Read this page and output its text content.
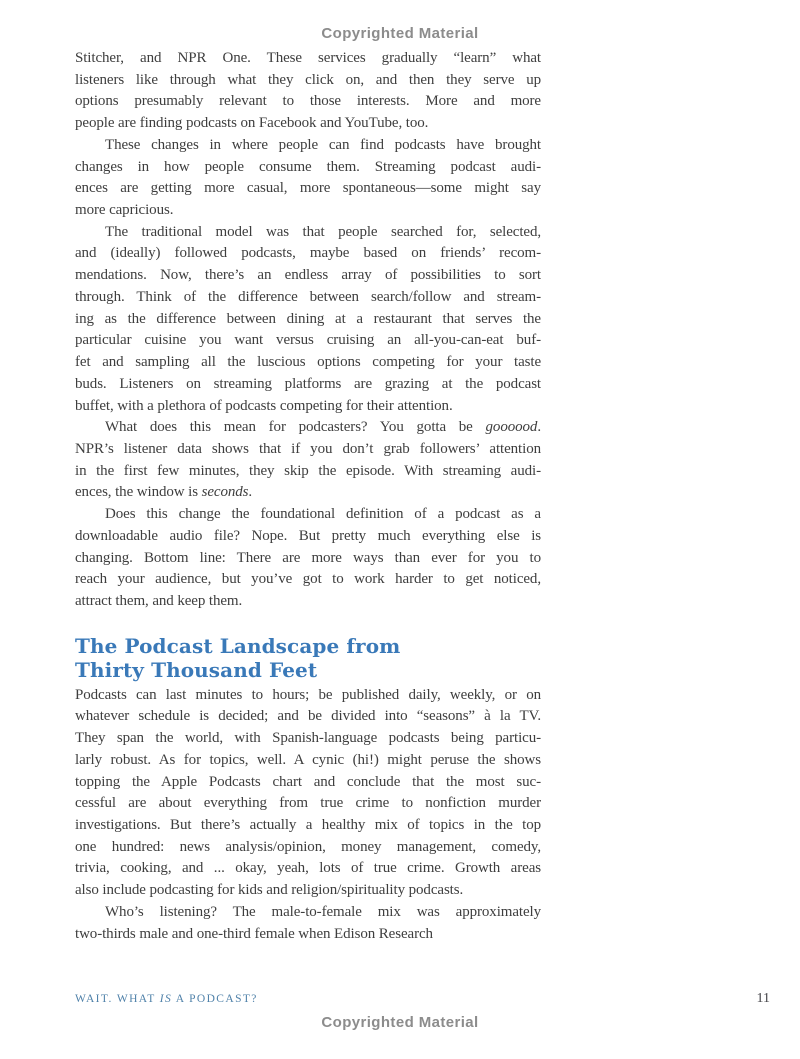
Copyrighted Material
Stitcher, and NPR One. These services gradually “learn” what
listeners like through what they click on, and then they serve up
options presumably relevant to those interests. More and more
people are finding podcasts on Facebook and YouTube, too.
These changes in where people can find podcasts have brought
changes in how people consume them. Streaming podcast audi-
ences are getting more casual, more spontaneous—some might say
more capricious.
The traditional model was that people searched for, selected,
and (ideally) followed podcasts, maybe based on friends’ recom-
mendations. Now, there’s an endless array of possibilities to sort
through. Think of the difference between search/follow and stream-
ing as the difference between dining at a restaurant that serves the
particular cuisine you want versus cruising an all-you-can-eat buf-
fet and sampling all the luscious options competing for your taste
buds. Listeners on streaming platforms are grazing at the podcast
buffet, with a plethora of podcasts competing for their attention.
What does this mean for podcasters? You gotta be goooood.
NPR’s listener data shows that if you don’t grab followers’ attention
in the first few minutes, they skip the episode. With streaming audi-
ences, the window is seconds.
Does this change the foundational definition of a podcast as a
downloadable audio file? Nope. But pretty much everything else is
changing. Bottom line: There are more ways than ever for you to
reach your audience, but you’ve got to work harder to get noticed,
attract them, and keep them.
The Podcast Landscape from
Thirty Thousand Feet
Podcasts can last minutes to hours; be published daily, weekly, or on
whatever schedule is decided; and be divided into “seasons” à la TV.
They span the world, with Spanish-language podcasts being particu-
larly robust. As for topics, well. A cynic (hi!) might peruse the shows
topping the Apple Podcasts chart and conclude that the most suc-
cessful are about everything from true crime to nonfiction murder
investigations. But there’s actually a healthy mix of topics in the top
one hundred: news analysis/opinion, money management, comedy,
trivia, cooking, and ... okay, yeah, lots of true crime. Growth areas
also include podcasting for kids and religion/spirituality podcasts.
Who’s listening? The male-to-female mix was approximately
two-thirds male and one-third female when Edison Research
WAIT. WHAT IS A PODCAST?	11
Copyrighted Material
